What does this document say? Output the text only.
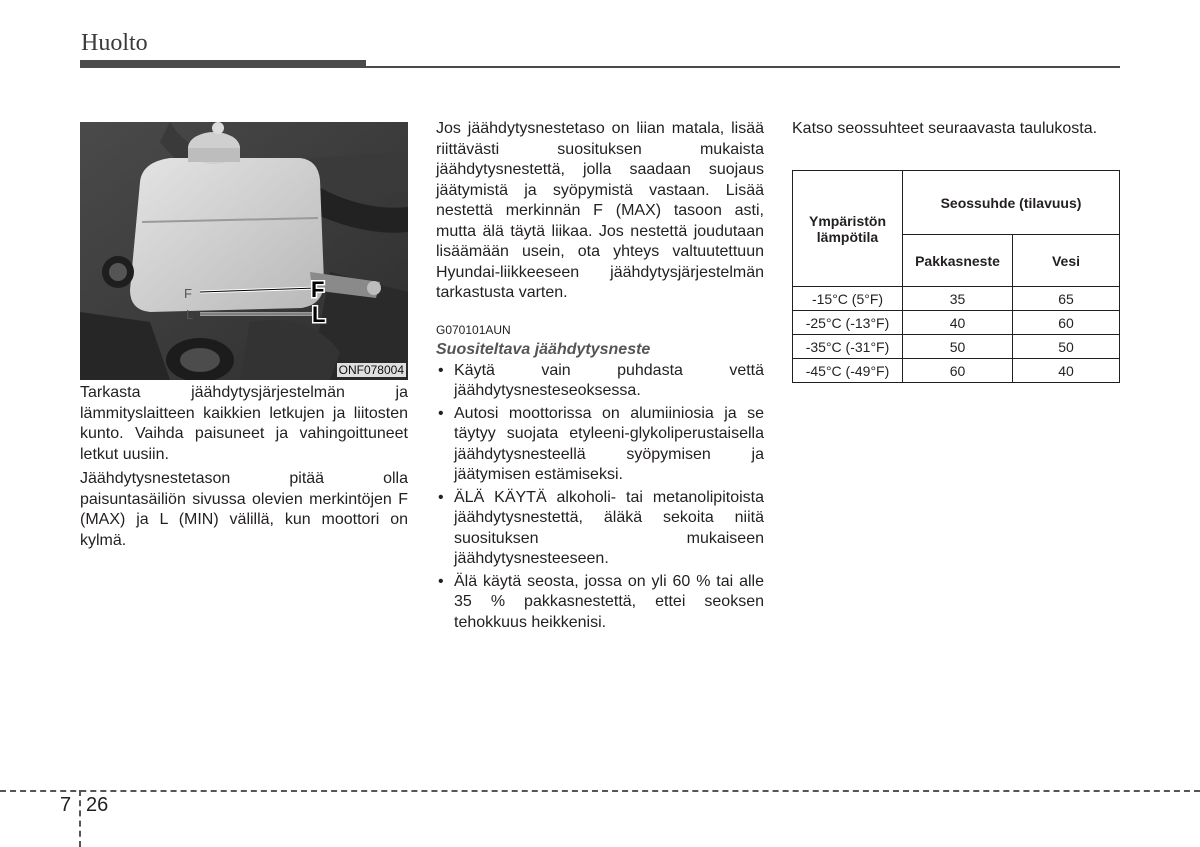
Huolto
F
L
F
L
ONF078004

Tarkasta jäähdytysjärjestelmän ja lämmityslaitteen kaikkien letkujen ja liitosten kunto. Vaihda paisuneet ja vahingoittuneet letkut uusiin.

Jäähdytysnestetason pitää olla paisuntasäiliön sivussa olevien merkintöjen F (MAX) ja L (MIN) välillä, kun moottori on kylmä.

Jos jäähdytysnestetaso on liian matala, lisää riittävästi suosituksen mukaista jäähdytysnestettä, jolla saadaan suojaus jäätymistä ja syöpymistä vastaan. Lisää nestettä merkinnän F (MAX) tasoon asti, mutta älä täytä liikaa. Jos nestettä joudutaan lisäämään usein, ota yhteys valtuutettuun Hyundai-liikkeeseen jäähdytysjärjestelmän tarkastusta varten.

G070101AUN
Suositeltava jäähdytysneste
• Käytä vain puhdasta vettä jäähdytysnesteseoksessa.
• Autosi moottorissa on alumiiniosia ja se täytyy suojata etyleeni-glykoliperustaisella jäähdytysnesteellä syöpymisen ja jäätymisen estämiseksi.
• ÄLÄ KÄYTÄ alkoholi- tai metanolipitoista jäähdytysnestettä, äläkä sekoita niitä suosituksen mukaiseen jäähdytysnesteeseen.
• Älä käytä seosta, jossa on yli 60 % tai alle 35 % pakkasnestettä, ettei seoksen tehokkuus heikkenisi.

Katso seossuhteet seuraavasta taulukosta.

Ympäristön lämpötila	Seossuhde (tilavuus)	
	Pakkasneste	Vesi
-15°C (5°F)	35	65
-25°C (-13°F)	40	60
-35°C (-31°F)	50	50
-45°C (-49°F)	60	40
7 26
